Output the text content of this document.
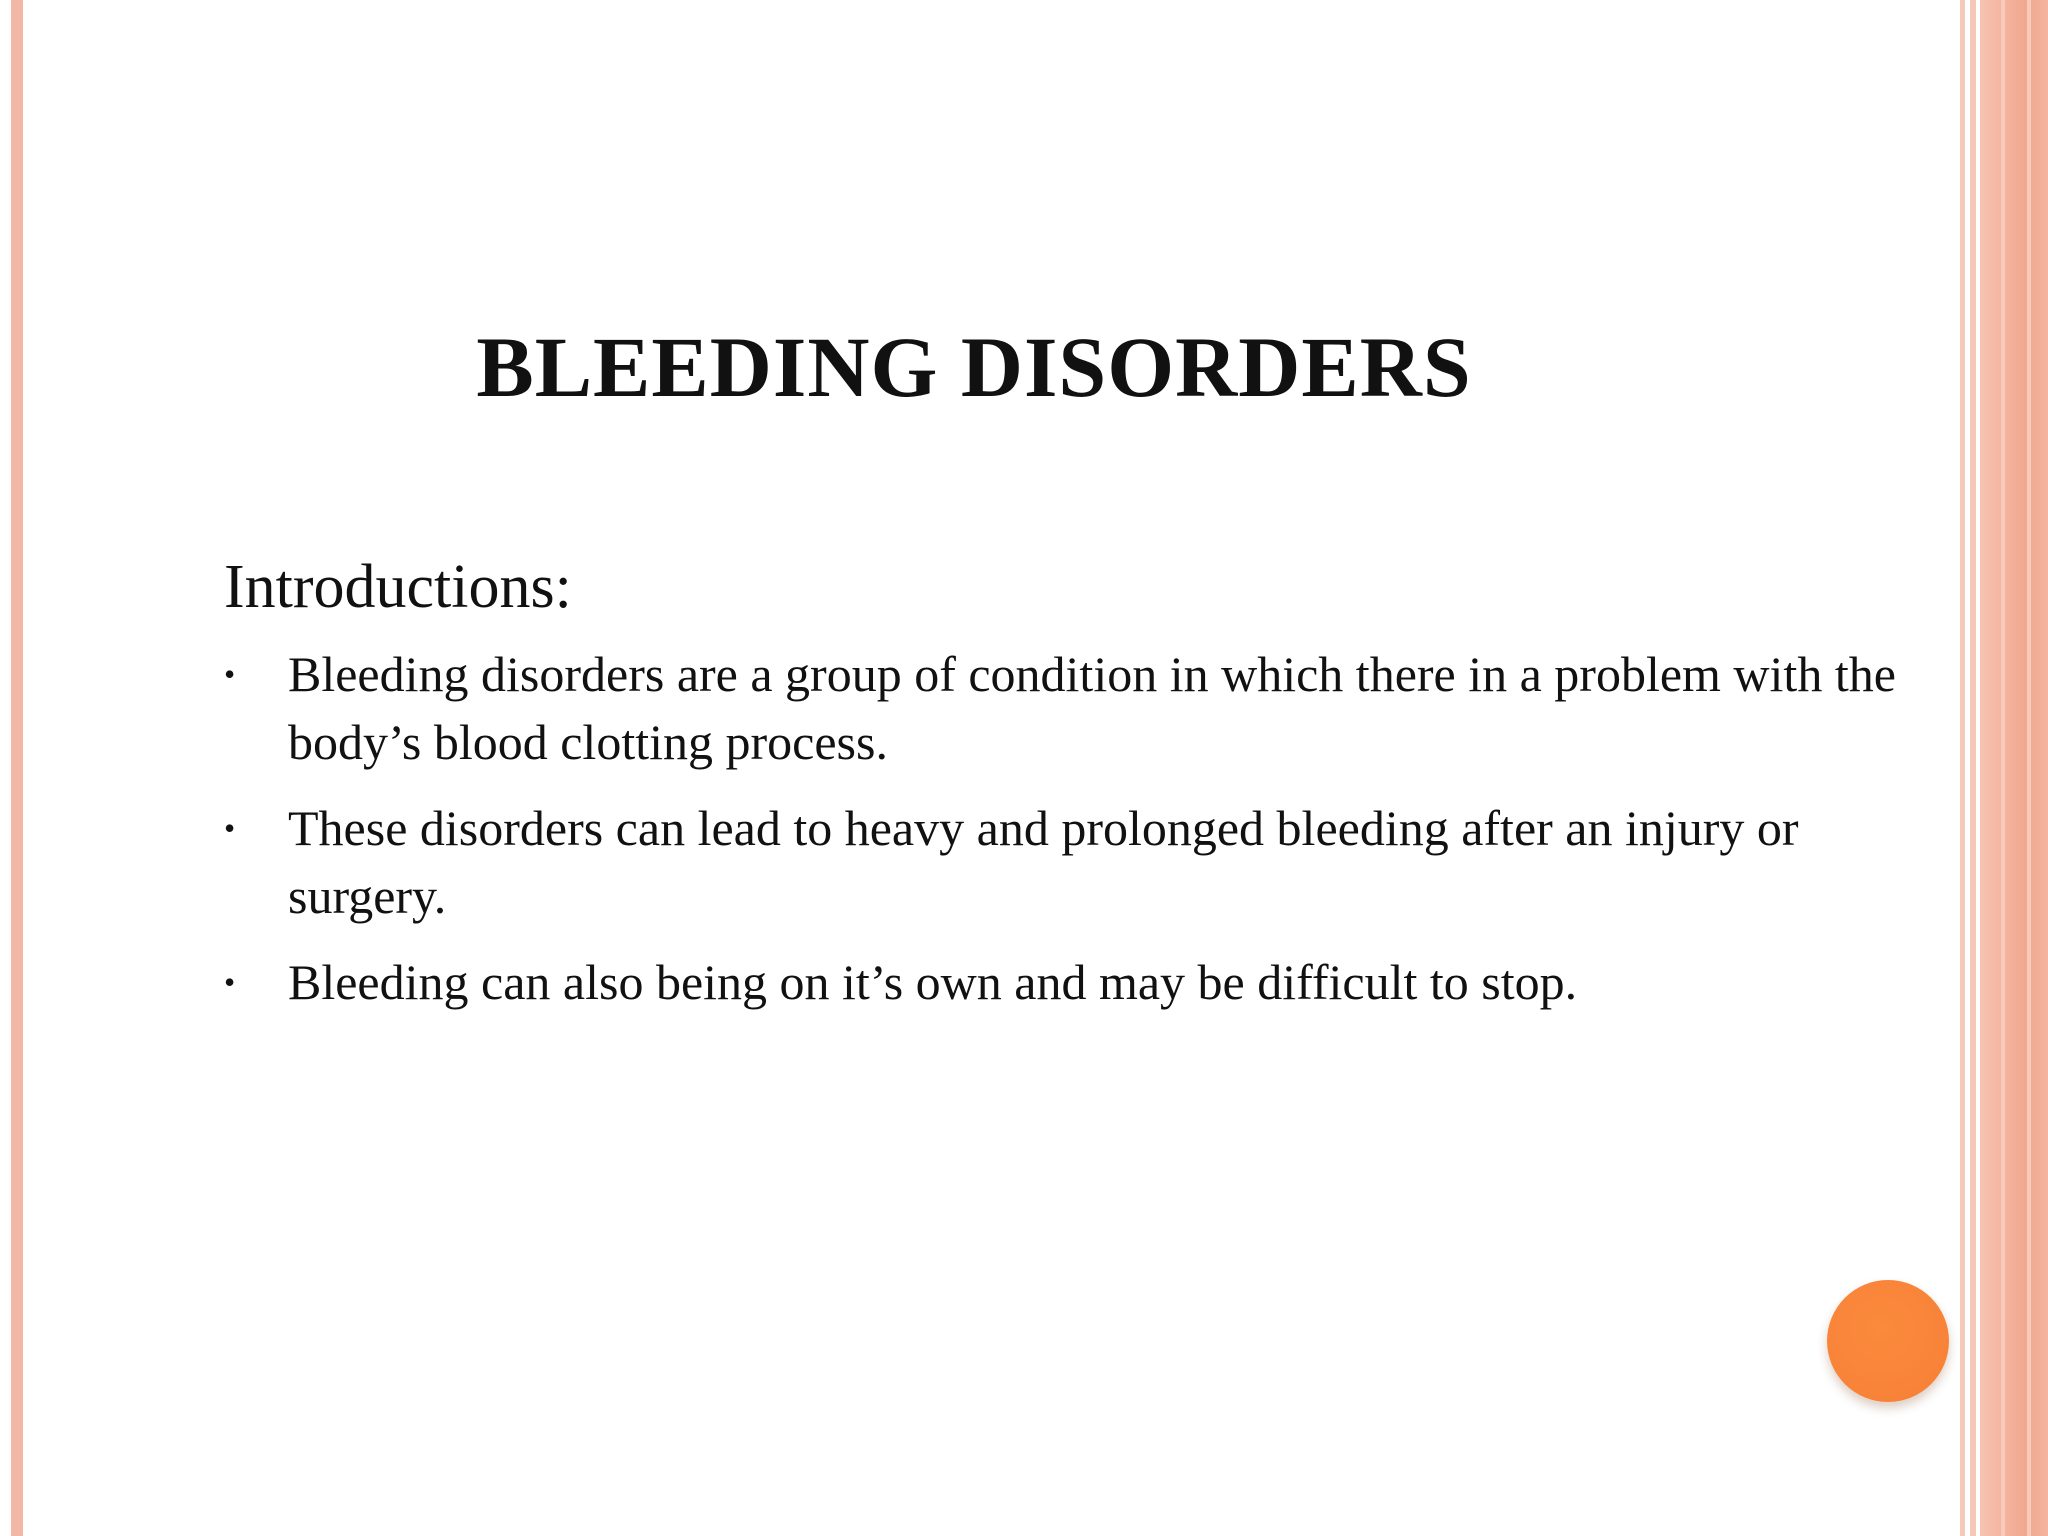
BLEEDING DISORDERS

Introductions:

• Bleeding disorders are a group of condition in which there in a problem with the body’s blood clotting process.
• These disorders can lead to heavy and prolonged bleeding after an injury or surgery.
• Bleeding can also being on it’s own and may be difficult to stop.
